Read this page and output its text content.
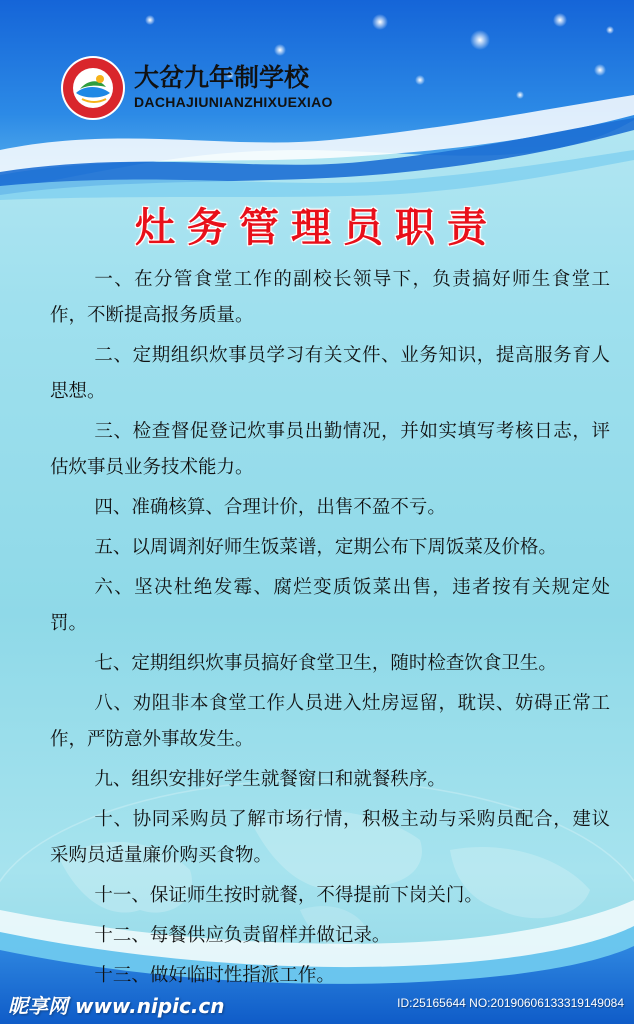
大岔九年制学校
DACHAJIUNIANZHIXUEXIAO
灶务管理员职责
一、在分管食堂工作的副校长领导下，负责搞好师生食堂工作，不断提高报务质量。
二、定期组织炊事员学习有关文件、业务知识，提高服务育人思想。
三、检查督促登记炊事员出勤情况，并如实填写考核日志，评估炊事员业务技术能力。
四、准确核算、合理计价，出售不盈不亏。
五、以周调剂好师生饭菜谱，定期公布下周饭菜及价格。
六、坚决杜绝发霉、腐烂变质饭菜出售，违者按有关规定处罚。
七、定期组织炊事员搞好食堂卫生，随时检查饮食卫生。
八、劝阻非本食堂工作人员进入灶房逗留，耽误、妨碍正常工作，严防意外事故发生。
九、组织安排好学生就餐窗口和就餐秩序。
十、协同采购员了解市场行情，积极主动与采购员配合，建议采购员适量廉价购买食物。
十一、保证师生按时就餐，不得提前下岗关门。
十二、每餐供应负责留样并做记录。
十三、做好临时性指派工作。
昵享网 www.nipic.cn	ID:25165644 NO:20190606133319149084
